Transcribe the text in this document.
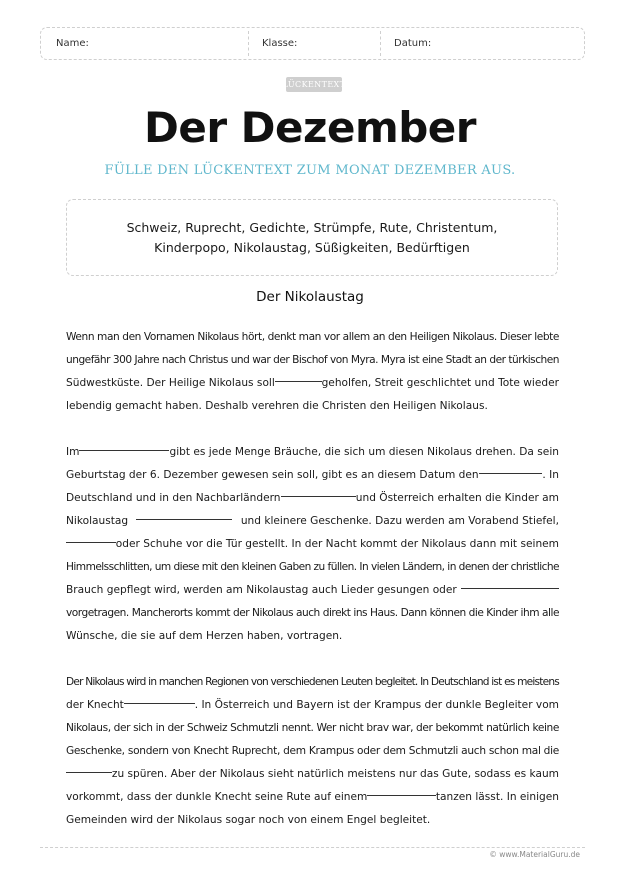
Name:	Klasse:	Datum:
LÜCKENTEXT
Der Dezember
FÜLLE DEN LÜCKENTEXT ZUM MONAT DEZEMBER AUS.
Schweiz, Ruprecht, Gedichte, Strümpfe, Rute, Christentum,
Kinderpopo, Nikolaustag, Süßigkeiten, Bedürftigen
Der Nikolaustag
Wenn man den Vornamen Nikolaus hört, denkt man vor allem an den Heiligen Nikolaus. Dieser lebte
ungefähr 300 Jahre nach Christus und war der Bischof von Myra. Myra ist eine Stadt an der türkischen
Südwestküste. Der Heilige Nikolaus soll	geholfen, Streit geschlichtet und Tote wieder
lebendig gemacht haben. Deshalb verehren die Christen den Heiligen Nikolaus.
Im	gibt es jede Menge Bräuche, die sich um diesen Nikolaus drehen. Da sein
Geburtstag der 6. Dezember gewesen sein soll, gibt es an diesem Datum den	. In
Deutschland und in den Nachbarländern	und Österreich erhalten die Kinder am
Nikolaustag	und kleinere Geschenke. Dazu werden am Vorabend Stiefel,
oder Schuhe vor die Tür gestellt. In der Nacht kommt der Nikolaus dann mit seinem
Himmelsschlitten, um diese mit den kleinen Gaben zu füllen. In vielen Ländern, in denen der christliche
Brauch gepflegt wird, werden am Nikolaustag auch Lieder gesungen oder
vorgetragen. Mancherorts kommt der Nikolaus auch direkt ins Haus. Dann können die Kinder ihm alle
Wünsche, die sie auf dem Herzen haben, vortragen.
Der Nikolaus wird in manchen Regionen von verschiedenen Leuten begleitet. In Deutschland ist es meistens
der Knecht	. In Österreich und Bayern ist der Krampus der dunkle Begleiter vom
Nikolaus, der sich in der Schweiz Schmutzli nennt. Wer nicht brav war, der bekommt natürlich keine
Geschenke, sondern von Knecht Ruprecht, dem Krampus oder dem Schmutzli auch schon mal die
zu spüren. Aber der Nikolaus sieht natürlich meistens nur das Gute, sodass es kaum
vorkommt, dass der dunkle Knecht seine Rute auf einem	tanzen lässt. In einigen
Gemeinden wird der Nikolaus sogar noch von einem Engel begleitet.
© www.MaterialGuru.de
